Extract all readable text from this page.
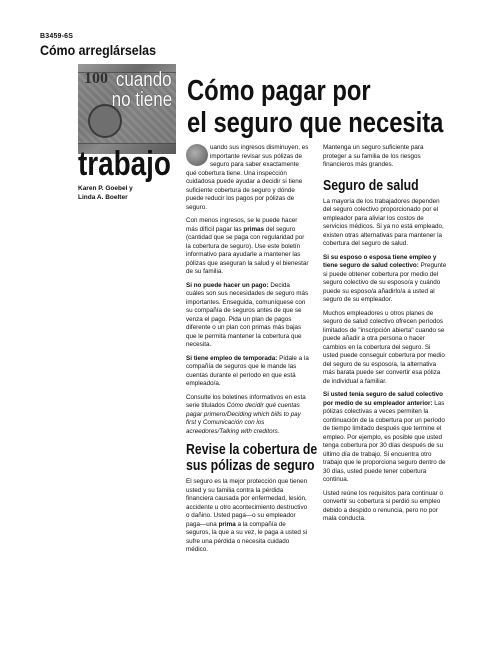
B3459-6S
Cómo arreglárselas
100 cuando
no tiene
trabajo
Karen P. Goebel y
Linda A. Boelter
Cómo pagar por
el seguro que necesita

uando sus ingresos disminuyen, es importante revisar sus pólizas de seguro para saber exactamente qué cobertura tiene. Una inspección cuidadosa puede ayudar a decidir si tiene suficiente cobertura de seguro y dónde puede reducir los pagos por pólizas de seguro.

Con menos ingresos, se le puede hacer más difícil pagar las primas del seguro (cantidad que se paga con regularidad por la cobertura de seguro). Use este boletín informativo para ayudarle a mantener las pólizas que aseguran la salud y el bienestar de su familia.

Si no puede hacer un pago: Decida cuáles son sus necesidades de seguro más importantes. Enseguida, comuníquese con su compañía de seguros antes de que se venza el pago. Pida un plan de pagos diferente o un plan con primas más bajas que le permita mantener la cobertura que necesita.

Si tiene empleo de temporada: Pídale a la compañía de seguros que le mande las cuentas durante el período en que está empleado/a.

Consulte los boletines informativos en esta serie titulados Cómo decidir qué cuentas pagar primero/Deciding which bills to pay first y Comunicación con los acreedores/Talking with creditors.

Revise la cobertura de
sus pólizas de seguro

El seguro es la mejor protección que tienen usted y su familia contra la pérdida financiera causada por enfermedad, lesión, accidente u otro acontecimiento destructivo o dañino. Usted paga—o su empleador paga—una prima a la compañía de seguros, la que a su vez, le paga a usted si sufre una pérdida o necesita cuidado médico.

Mantenga un seguro suficiente para proteger a su familia de los riesgos financieros más grandes.

Seguro de salud

La mayoría de los trabajadores dependen del seguro colectivo proporcionado por el empleador para aliviar los costos de servicios médicos. Si ya no está empleado, existen otras alternativas para mantener la cobertura del seguro de salud.

Si su esposo o esposa tiene empleo y tiene seguro de salud colectivo: Pregunte si puede obtener cobertura por medio del seguro colectivo de su esposo/a y cuándo puede su esposo/a añadirlo/a a usted al seguro de su empleador.

Muchos empleadores u otros planes de seguro de salud colectivo ofrecen períodos limitados de "inscripción abierta" cuando se puede añadir a otra persona o hacer cambios en la cobertura del seguro. Si usted puede conseguir cobertura por medio del seguro de su esposo/a, la alternativa más barata puede ser convertir esa póliza de individual a familiar.

Si usted tenía seguro de salud colectivo por medio de su empleador anterior: Las pólizas colectivas a veces permiten la continuación de la cobertura por un período de tiempo limitado después que termine el empleo. Por ejemplo, es posible que usted tenga cobertura por 30 días después de su último día de trabajo. Si encuentra otro trabajo que le proporciona seguro dentro de 30 días, usted puede tener cobertura continua.

Usted reúne los requisitos para continuar o convertir su cobertura si perdió su empleo debido a despido o renuncia, pero no por mala conducta.
